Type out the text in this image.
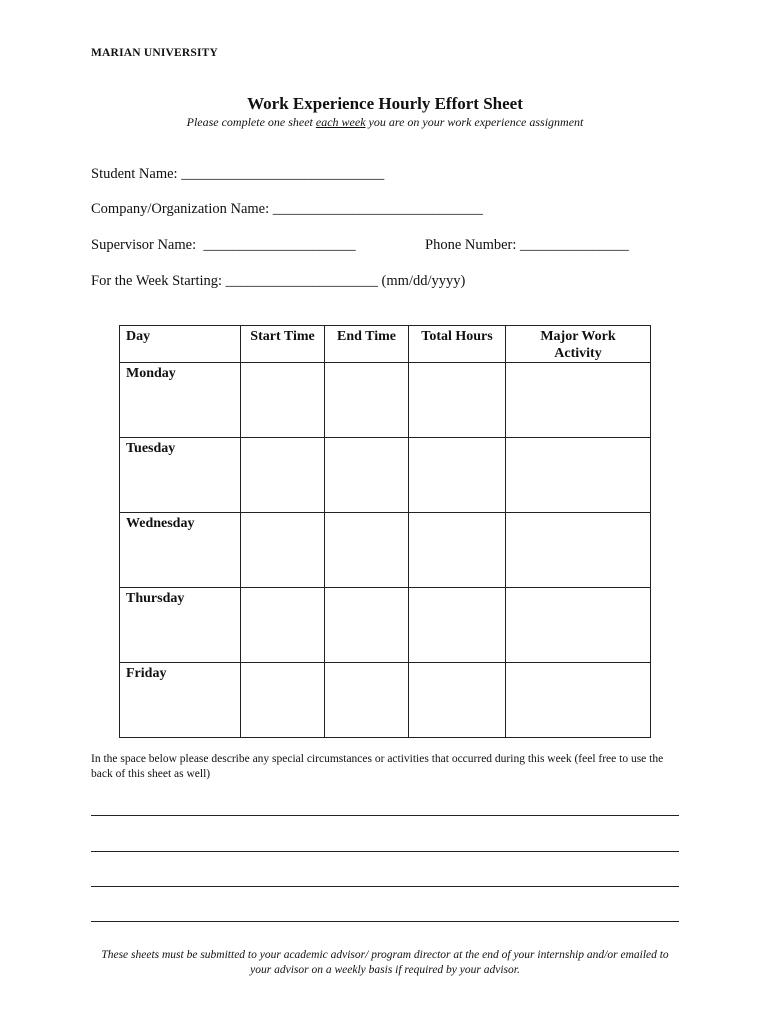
MARIAN UNIVERSITY
Work Experience Hourly Effort Sheet
Please complete one sheet each week you are on your work experience assignment
Student Name: ____________________________
Company/Organization Name: _____________________________
Supervisor Name:  _____________________	Phone Number: _______________
For the Week Starting: _____________________ (mm/dd/yyyy)
Day	Start Time	End Time	Total Hours	Major Work Activity

Monday				

Tuesday				

Wednesday				

Thursday				

Friday				

In the space below please describe any special circumstances or activities that occurred during this week (feel free to use the back of this sheet as well)
These sheets must be submitted to your academic advisor/ program director at the end of your internship and/or emailed to your advisor on a weekly basis if required by your advisor.
